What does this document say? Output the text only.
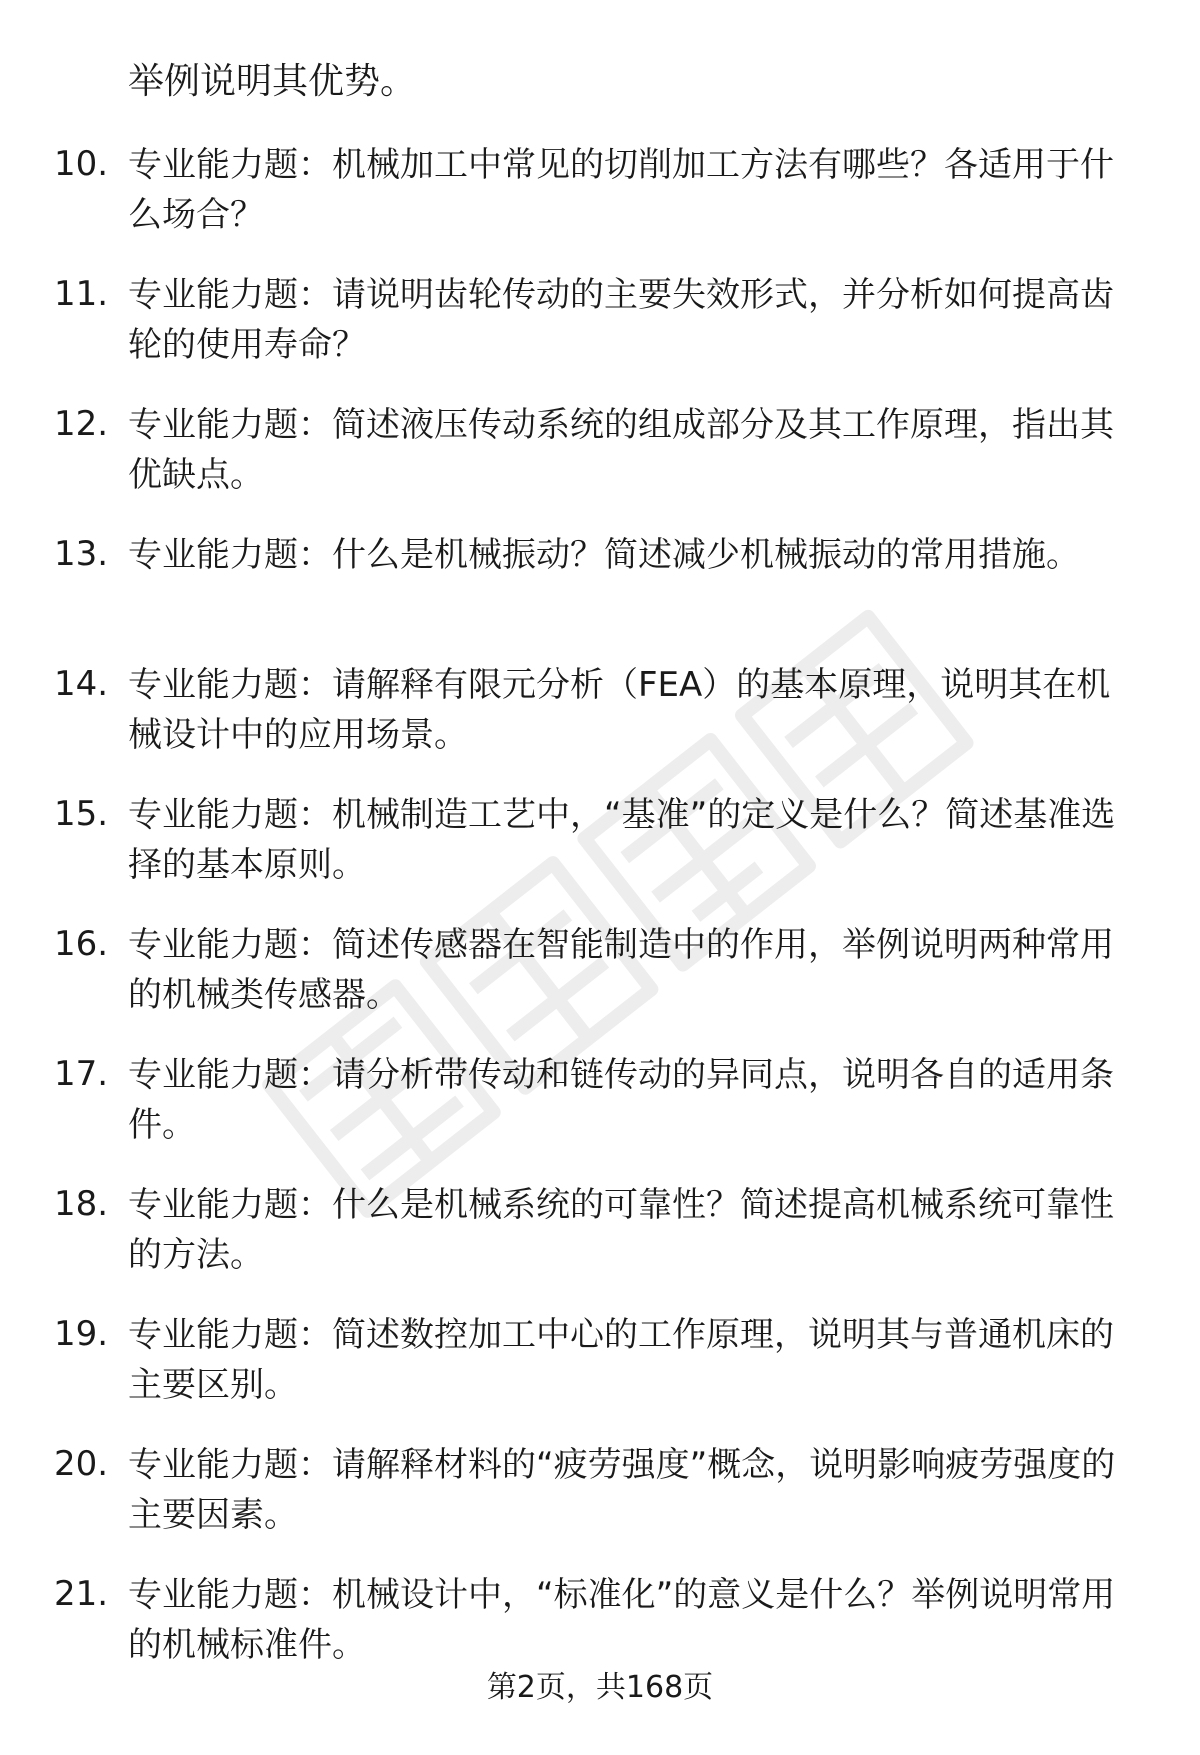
举例说明其优势。

10. 专业能力题：机械加工中常见的切削加工方法有哪些？各适用于什么场合？

11. 专业能力题：请说明齿轮传动的主要失效形式，并分析如何提高齿轮的使用寿命？

12. 专业能力题：简述液压传动系统的组成部分及其工作原理，指出其优缺点。

13. 专业能力题：什么是机械振动？简述减少机械振动的常用措施。

14. 专业能力题：请解释有限元分析（FEA）的基本原理，说明其在机械设计中的应用场景。

15. 专业能力题：机械制造工艺中，“基准”的定义是什么？简述基准选择的基本原则。

16. 专业能力题：简述传感器在智能制造中的作用，举例说明两种常用的机械类传感器。

17. 专业能力题：请分析带传动和链传动的异同点，说明各自的适用条件。

18. 专业能力题：什么是机械系统的可靠性？简述提高机械系统可靠性的方法。

19. 专业能力题：简述数控加工中心的工作原理，说明其与普通机床的主要区别。

20. 专业能力题：请解释材料的“疲劳强度”概念，说明影响疲劳强度的主要因素。

21. 专业能力题：机械设计中，“标准化”的意义是什么？举例说明常用的机械标准件。

第2页，共168页
